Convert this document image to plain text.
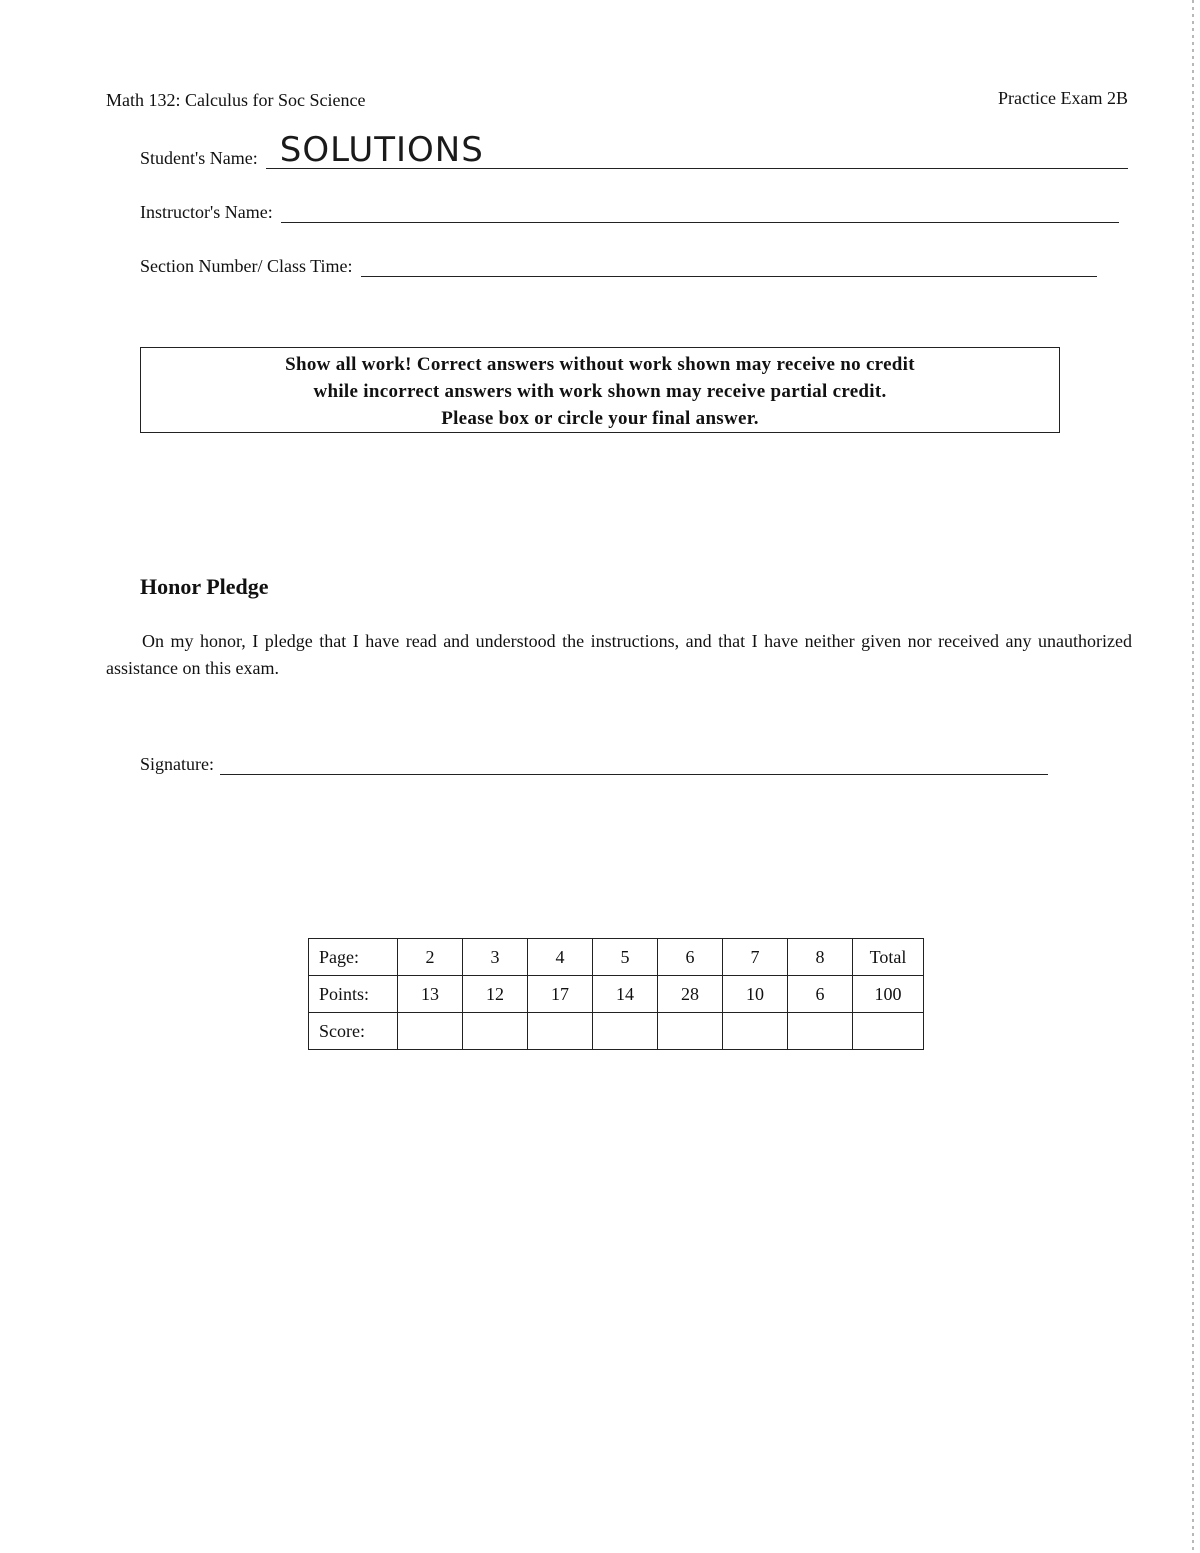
Math 132: Calculus for Soc Science	Practice Exam 2B
Student's Name: SOLUTIONS
Instructor's Name:
Section Number/ Class Time:
Show all work! Correct answers without work shown may receive no credit
while incorrect answers with work shown may receive partial credit.
Please box or circle your final answer.
Honor Pledge
On my honor, I pledge that I have read and understood the instructions, and that I have neither given nor received any unauthorized assistance on this exam.
Signature:
Page:	2	3	4	5	6	7	8	Total
Points:	13	12	17	14	28	10	6	100
Score:								
